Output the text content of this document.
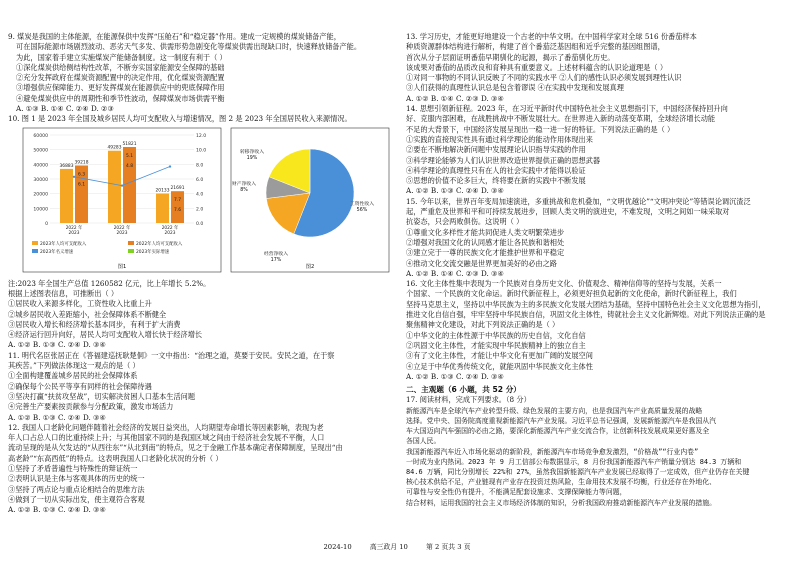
9. 煤炭是我国的主体能源，在能源保供中发挥“压舱石”和“稳定器”作用。建成一定规模的煤炭储备产能，
可在国际能源市场剧烈波动、恶劣天气多发、供需形势急剧变化等煤炭供需出现缺口时，快速释放储备产能。
为此，国家着手建立实施煤炭产能储备制度。这一制度有利于（ ）
①深化煤炭供给侧结构性改革，不断夯实国家能源安全保障的基础
②充分发挥政府在煤炭资源配置中的决定作用，优化煤炭资源配置
③增强供应保障能力、更好发挥煤炭在能源供应中的兜底保障作用
④避免煤炭供应中的周期性和季节性波动，保障煤炭市场供需平衡
A. ①③ B. ①④ C. ②④ D. ②③
10. 图 1 是 2023 年全国及城乡居民人均可支配收入与增速情况，图 2 是 2023 年全国居民收入来源情况。
60000
50000
40000
30000
20000
10000
0
12.0
10.0
8.0
6.0
4.0
2.0
0.0
36883
39218
6.3
6.1
2022 年
2023
49283
51821
5.1
4.8
2022 年
2023
20133 21691
7.7
7.6
2022 年
2023
2023年人均可支配收入	2022年人均可支配收入
2023年名义增速	2023年实际增速
图1
工资性收入 56%
经营净收入 17%
财产净收入 8%
转移净收入 19%
图2
注:2023 年全国生产总值 1260582 亿元，比上年增长 5.2%。
根据上述图表信息，可推断出（ ）
①居民收入来源多样化，工资性收入比重上升
②城乡居民收入差距缩小，社会保障体系不断健全
③居民收入增长和经济增长基本同步，有利于扩大消费
④经济运行回升向好，居民人均可支配收入增长快于经济增长
A. ①② B. ①③ C. ②④ D. ③④
11. 明代名臣张居正在《答福建巡抚耿楚侗》一文中指出：“治理之道，莫要于安民。安民之道，在于察
其疾苦。”下列做法体现这一观点的是（ ）
①全面构建覆盖城乡居民的社会保障体系
②确保每个公民平等享有同样的社会保障待遇
③坚决打赢“扶贫攻坚战”，切实解决贫困人口基本生活问题
④完善生产要素按贡献参与分配政策，激发市场活力
A. ①② B. ①③ C. ②④ D. ③④
12. 我国人口老龄化问题伴随着社会经济的发展日益突出，人均期望寿命增长等因素影响，表现为老
年人口占总人口的比重持续上升；与其他国家不同的是我国区域之间由于经济社会发展不平衡，人口
流动呈现的是从欠发达的“从西往东”“从北到南”的特点，见之于金融工作基本确定者保障制度，呈现出“由
高老龄”“东高西低”的特点。这表明我国人口老龄化状况的分析（ ）
①坚持了矛盾普遍性与特殊性的辩证统一
②表明认识是主体与客观具体的历史的统一
③坚持了两点论与重点论相结合的思维方法
④做到了一切从实际出发，使主观符合客观
A. ①② B. ①③ C. ②④ D. ③④
13. 学习历史，才能更好地建设一个古老的中华文明。在中国科学家对全球 516 份番茄样本
种质资源群体结构进行解析，构建了首个番茄泛基因组和近乎完整的基因组图谱，
首次从分子层面证明番茄早期驯化的起源，揭示了番茄驯化历史。
该成果对番茄的品质改良和育种具有重要意义。上述材料蕴含的认识论道理是（ ）
①对同一事物的不同认识反映了不同的实践水平 ②人们的感性认识必须发展到理性认识
③人们获得的真理性认识总是包含着谬误 ④在实践中发现和发展真理
A. ①② B. ①④ C. ②③ D. ③④
14. 思想引领新征程。2023 年，在习近平新时代中国特色社会主义思想指引下，中国经济保持回升向
好、克服内部困难，在战胜挑战中不断发展壮大。在世界进入新的动荡变革期，全球经济增长动能
不足的大背景下，中国经济发展呈现出一稳一进一好的特征。下列说法正确的是（ ）
①实践的直接现实性具有通过科学理论的能动作用体现出来
②要在不断地解决新问题中发展理论认识指导实践的作用
③科学理论能够为人们认识世界改造世界提供正确的思想武器
④科学理论的真理性只有在人的社会实践中才能得以验证
⑤思想的价值不论多巨大，终将要在新的实践中不断发展
A. ①② B. ①③ C. ②④ D. ③④
15. 今年以来，世界百年变局加速演进，多重挑战和危机叠加，“文明优越论”“文明冲突论”等错误论调沉渣泛
起，严重危及世界和平和可持续发展进步，回顾人类文明的演进史，不难发现，文明之间如一味采取对
抗姿态，只会两败俱伤。这说明（ ）
①尊重文化多样性才能共同促进人类文明繁荣进步
②增强对我国文化的认同感才能让各民族和谐相处
③建立完于一尊的民族文化才能推护世界和平稳定
④推动文化交流交融是世界更加美好的必由之路
A. ①② B. ①④ C. ②③ D. ③④
16. 文化主体性集中表现为一个民族对自身历史文化、价值观念、精神信仰等的坚持与发展，关系一
个国家、一个民族的文化命运。新时代新征程上，必须更好担负起新的文化使命，新时代新征程上，我们
坚持马克思主义，坚持以中华民族为主的多民族文化发展大团结为基础，坚持中国特色社会主义文化思想为指引，
推进文化自信自强，牢牢坚持中华民族自信，巩固文化主体性，铸就社会主义文化新辉煌。对此下列说法正确的是
聚焦精神文化建设，对此下列说法正确的是（ ）
①中华文化的主体性源于中华民族的历史自信，文化自信
②巩固文化主体性，才能实现中华民族精神上的独立自主
③有了文化主体性，才能让中华文化有更加广阔的发展空间
④立足于中华优秀传统文化，就能巩固中华民族文化主体性
A. ①② B. ①③ C. ②④ D. ③④
二、主观题（6 小题，共 52 分）
17. 阅读材料，完成下列要求。（8 分）
新能源汽车是全球汽车产业转型升级、绿色发展的主要方向，也是我国汽车产业高质量发展的战略
选择。党中央、国务院高度重视新能源汽车产业发展。习近平总书记强调，发展新能源汽车是我国从汽
车大国迈向汽车强国的必由之路，要深化新能源汽车产业交流合作，让创新科技发展成果更好惠及全
各国人民。
我国新能源汽车近入市场化驱动的新阶段，新能源汽车市场竞争愈发激烈，“价格战”“行业内卷”
一时成为业内热词。2023 年 9 月工信部公布数据显示，8 月份我国新能源汽车产销量分别达 84.3 万辆和
84.6 万辆，同比分别增长 22%和 27%，虽然我国新能源汽车产业发展已经取得了一定成效，但产业仍存在关键
核心技术供给不足，产业链现有产业存在投资过热风险，生命用技术发展不均衡，行业还存在外地化、
可靠性与安全性仍有提升，不能满足配套设施求、支撑保障能力等问题，
结合材料，运用我国的社会主义市场经济体制的知识，分析我国政府推动新能源汽车产业发展的措施。
2024-10	高三政月 10	第 2 页共 3 页
